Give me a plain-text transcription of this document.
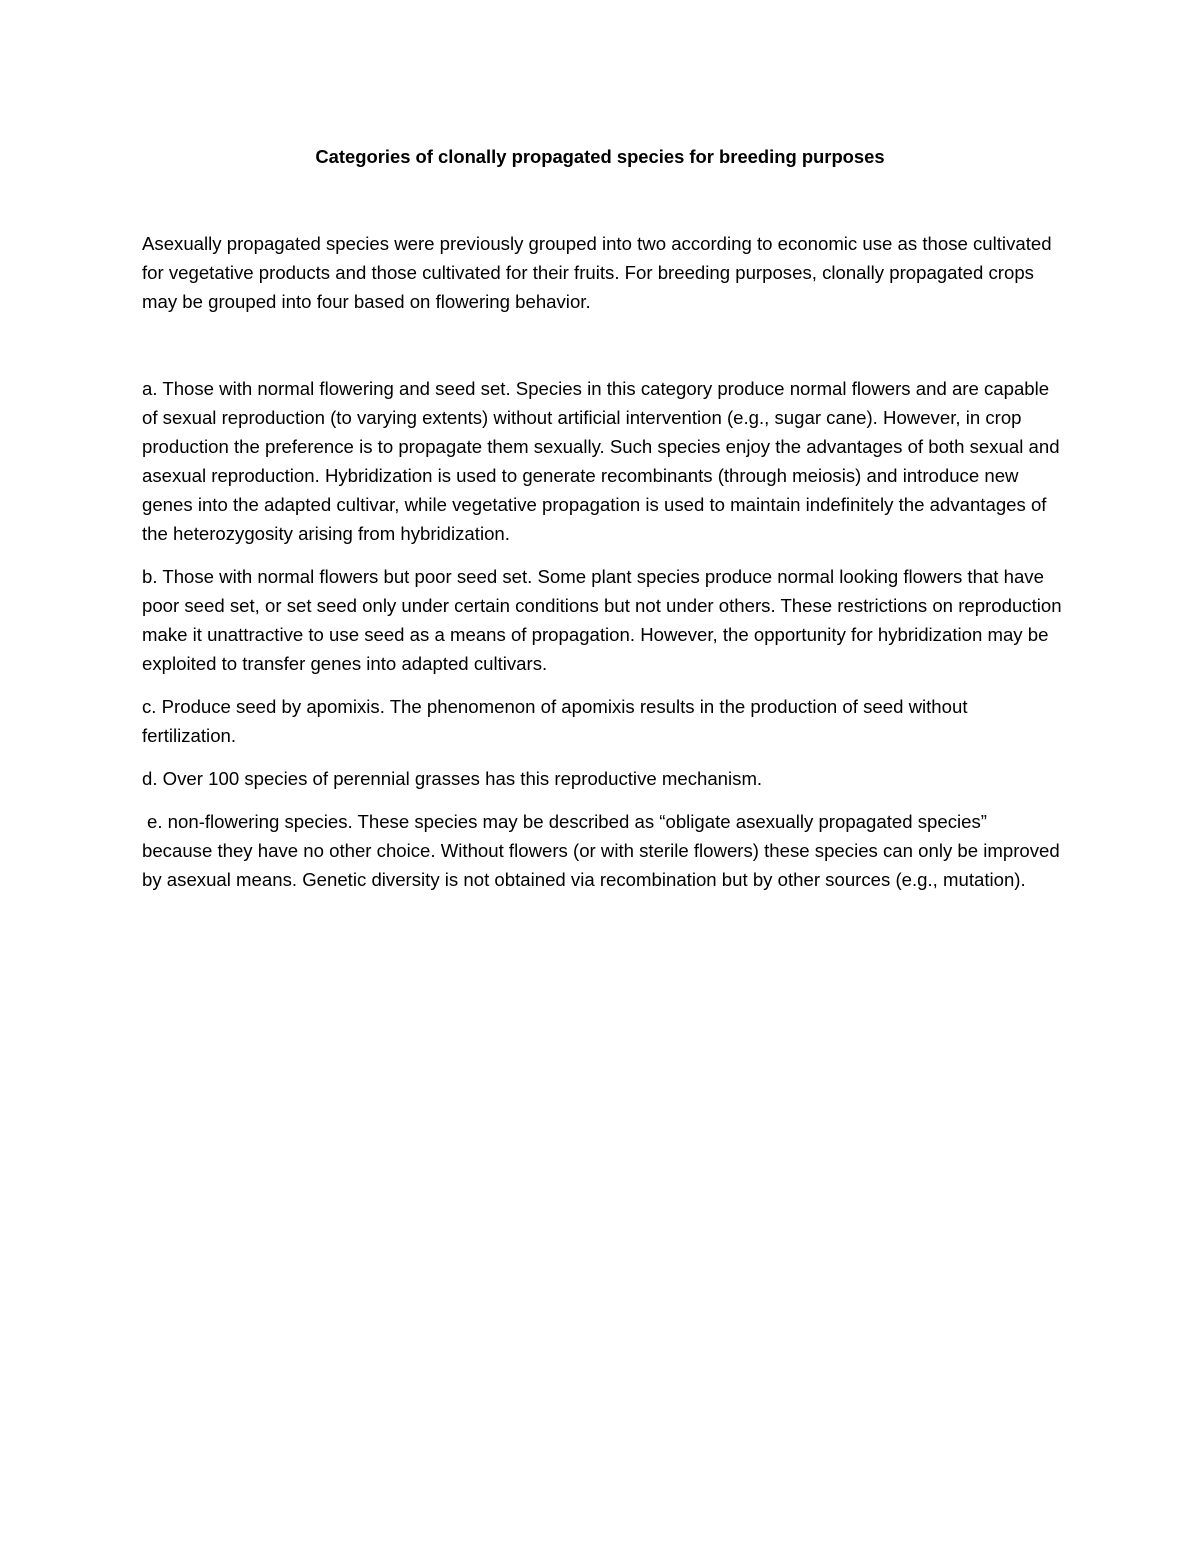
Categories of clonally propagated species for breeding purposes

Asexually propagated species were previously grouped into two according to economic use as those cultivated for vegetative products and those cultivated for their fruits. For breeding purposes, clonally propagated crops may be grouped into four based on flowering behavior.

a. Those with normal flowering and seed set. Species in this category produce normal flowers and are capable of sexual reproduction (to varying extents) without artificial intervention (e.g., sugar cane). However, in crop production the preference is to propagate them sexually. Such species enjoy the advantages of both sexual and asexual reproduction. Hybridization is used to generate recombinants (through meiosis) and introduce new genes into the adapted cultivar, while vegetative propagation is used to maintain indefinitely the advantages of the heterozygosity arising from hybridization.

b. Those with normal flowers but poor seed set. Some plant species produce normal looking flowers that have poor seed set, or set seed only under certain conditions but not under others. These restrictions on reproduction make it unattractive to use seed as a means of propagation. However, the opportunity for hybridization may be exploited to transfer genes into adapted cultivars.

c. Produce seed by apomixis. The phenomenon of apomixis results in the production of seed without fertilization.

d. Over 100 species of perennial grasses has this reproductive mechanism.

e. non-flowering species. These species may be described as “obligate asexually propagated species” because they have no other choice. Without flowers (or with sterile flowers) these species can only be improved by asexual means. Genetic diversity is not obtained via recombination but by other sources (e.g., mutation).
